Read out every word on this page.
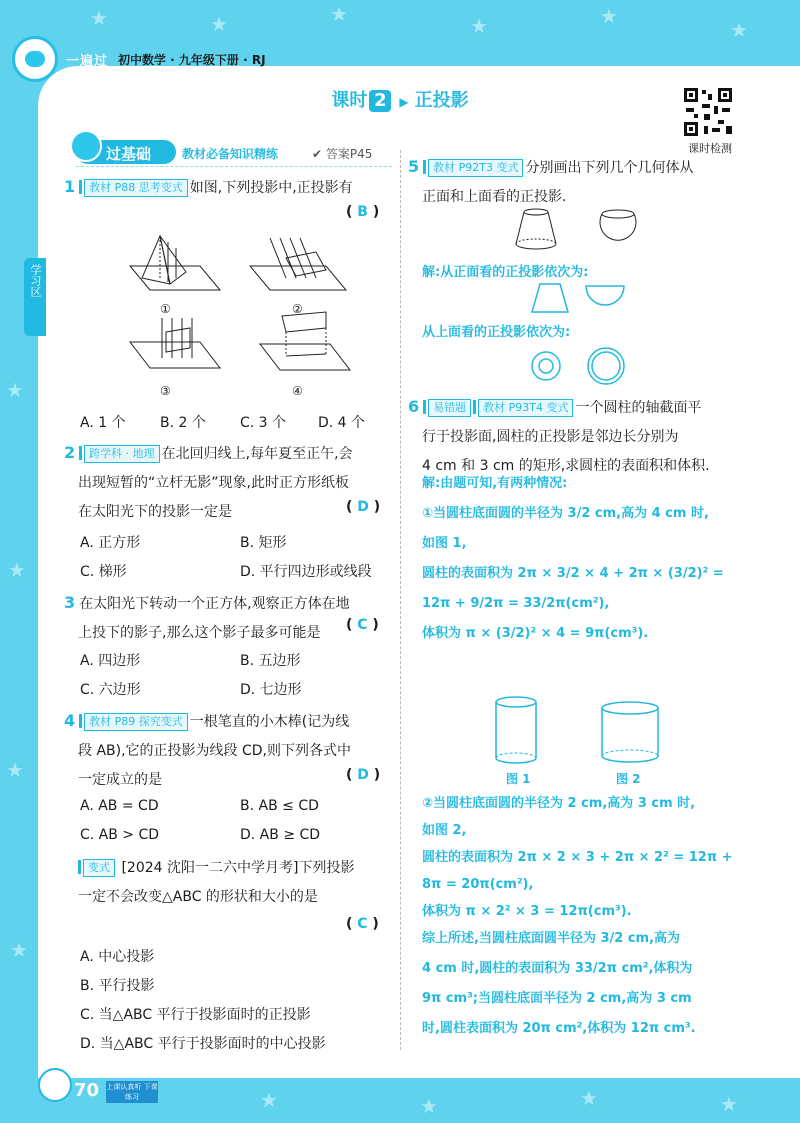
★	★	★	★	★
★
★
★
★
★
★	★	★	★
一遍过 初中数学 · 九年级下册 · RJ
课时 2 ▶ 正投影
课时检测
学习区
过基础	教材必备知识精练	✔ 答案P45
1 教材 P88 思考变式 如图,下列投影中,正投影有
( B )
①	②
③	④
A. 1 个 B. 2 个 C. 3 个 D. 4 个
2 跨学科 · 地理 在北回归线上,每年夏至正午,会
出现短暂的“立杆无影”现象,此时正方形纸板
在太阳光下的投影一定是	( D )
A. 正方形	B. 矩形
C. 梯形	D. 平行四边形或线段
3 在太阳光下转动一个正方体,观察正方体在地
上投下的影子,那么这个影子最多可能是	( C )
A. 四边形	B. 五边形
C. 六边形	D. 七边形
4 教材 P89 探究变式 一根笔直的小木棒(记为线
段 AB),它的正投影为线段 CD,则下列各式中
一定成立的是	( D )
A. AB = CD	B. AB ≤ CD
C. AB > CD	D. AB ≥ CD
变式 [2024 沈阳一二六中学月考]下列投影
一定不会改变△ABC 的形状和大小的是
( C )
A. 中心投影
B. 平行投影
C. 当△ABC 平行于投影面时的正投影
D. 当△ABC 平行于投影面时的中心投影
5 教材 P92T3 变式 分别画出下列几个几何体从
正面和上面看的正投影.
解:从正面看的正投影依次为:
从上面看的正投影依次为:
6 易错题 教材 P93T4 变式 一个圆柱的轴截面平
行于投影面,圆柱的正投影是邻边长分别为
4 cm 和 3 cm 的矩形,求圆柱的表面积和体积.
解:由题可知,有两种情况:
①当圆柱底面圆的半径为 3/2 cm,高为 4 cm 时,
如图 1,
圆柱的表面积为 2π × 3/2 × 4 + 2π × (3/2)² =
12π + 9/2π = 33/2π(cm²),
体积为 π × (3/2)² × 4 = 9π(cm³).
图 1	图 2
②当圆柱底面圆的半径为 2 cm,高为 3 cm 时,
如图 2,
圆柱的表面积为 2π × 2 × 3 + 2π × 2² = 12π +
8π = 20π(cm²),
体积为 π × 2² × 3 = 12π(cm³).
综上所述,当圆柱底面圆半径为 3/2 cm,高为
4 cm 时,圆柱的表面积为 33/2π cm²,体积为
9π cm³;当圆柱底面半径为 2 cm,高为 3 cm
时,圆柱表面积为 20π cm²,体积为 12π cm³.
70 上课认真听 下课练习
